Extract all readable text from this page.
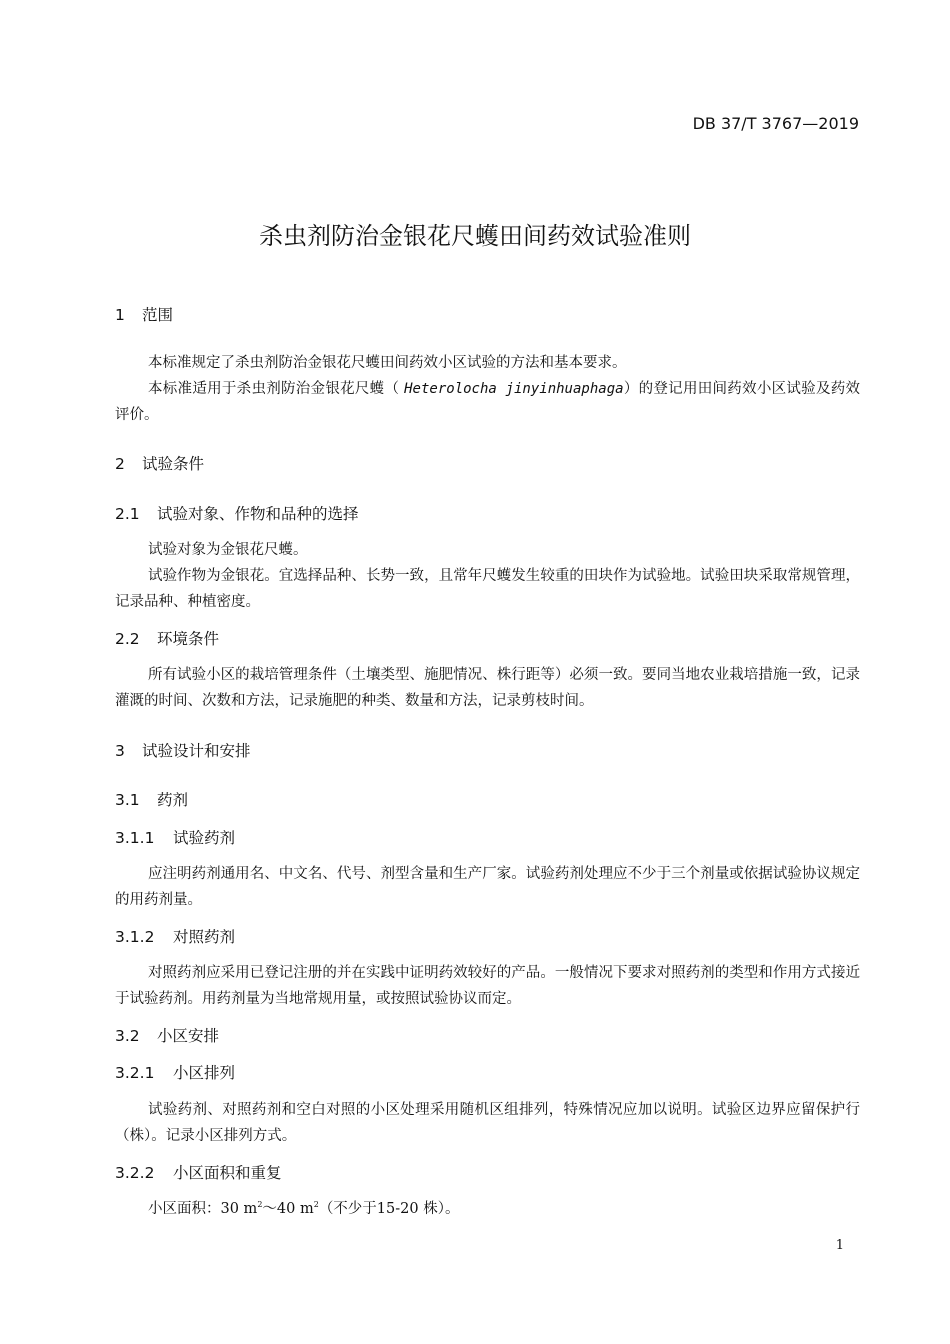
DB 37/T 3767—2019
杀虫剂防治金银花尺蠖田间药效试验准则
1 范围
本标准规定了杀虫剂防治金银花尺蠖田间药效小区试验的方法和基本要求。
本标准适用于杀虫剂防治金银花尺蠖（ Heterolocha jinyinhuaphaga）的登记用田间药效小区试验及药效评价。
2 试验条件
2.1 试验对象、作物和品种的选择
试验对象为金银花尺蠖。
试验作物为金银花。宜选择品种、长势一致，且常年尺蠖发生较重的田块作为试验地。试验田块采取常规管理，记录品种、种植密度。
2.2 环境条件
所有试验小区的栽培管理条件（土壤类型、施肥情况、株行距等）必须一致。要同当地农业栽培措施一致，记录灌溉的时间、次数和方法，记录施肥的种类、数量和方法，记录剪枝时间。
3 试验设计和安排
3.1 药剂
3.1.1 试验药剂
应注明药剂通用名、中文名、代号、剂型含量和生产厂家。试验药剂处理应不少于三个剂量或依据试验协议规定的用药剂量。
3.1.2 对照药剂
对照药剂应采用已登记注册的并在实践中证明药效较好的产品。一般情况下要求对照药剂的类型和作用方式接近于试验药剂。用药剂量为当地常规用量，或按照试验协议而定。
3.2 小区安排
3.2.1 小区排列
试验药剂、对照药剂和空白对照的小区处理采用随机区组排列，特殊情况应加以说明。试验区边界应留保护行（株）。记录小区排列方式。
3.2.2 小区面积和重复
小区面积：30 $m^2\sim 40$ $m^2$（不少于15-20 株）。
1
